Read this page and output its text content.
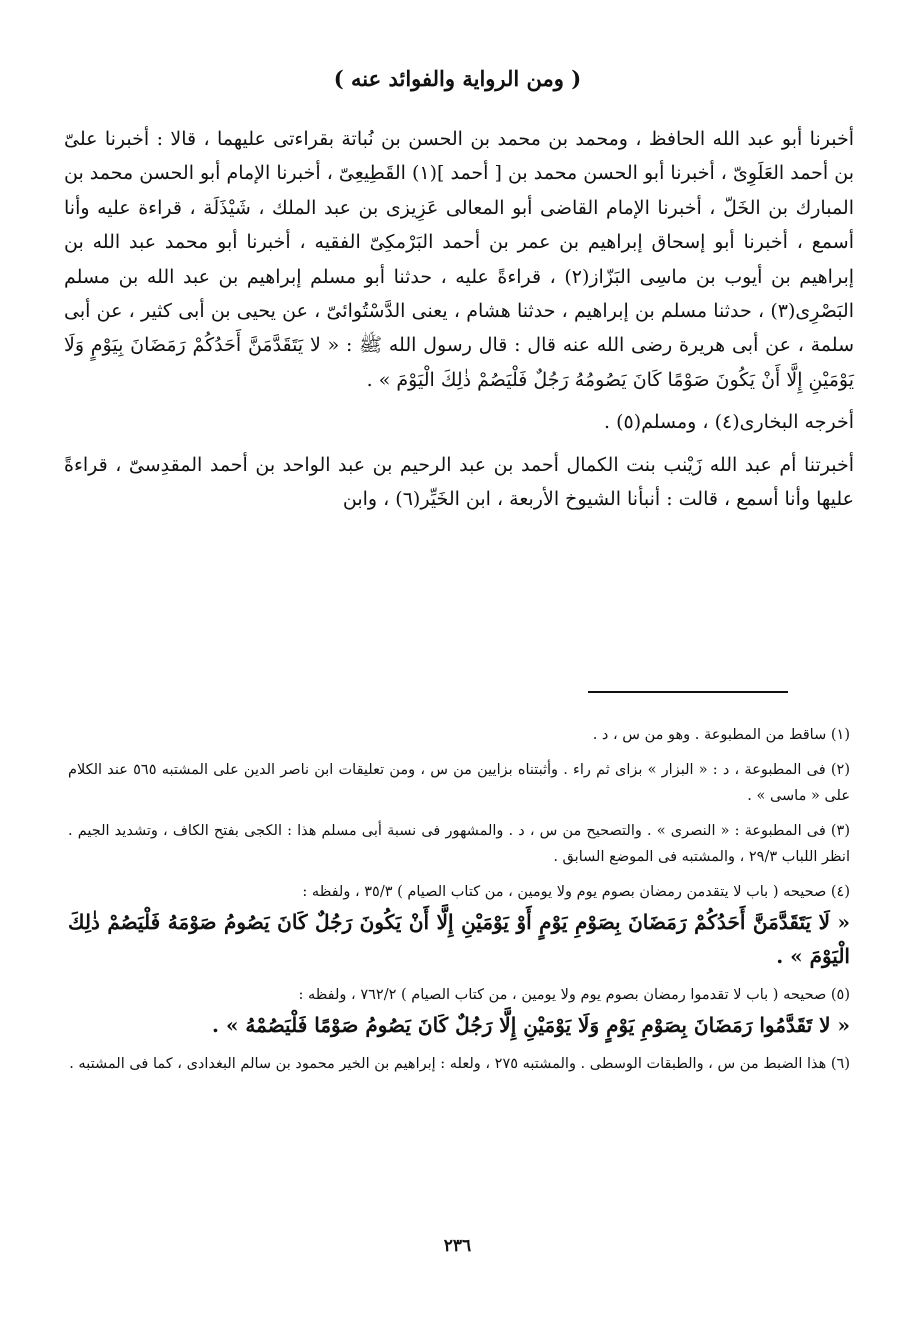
( ومن الرواية والفوائد عنه )

أخبرنا أبو عبد الله الحافظ ، ومحمد بن محمد بن الحسن بن نُباتة بقراءتى عليهما ، قالا : أخبرنا علىّ بن أحمد العَلَوِىّ ، أخبرنا أبو الحسن محمد بن [ أحمد ](١) القَطِيعِىّ ، أخبرنا الإمام أبو الحسن محمد بن المبارك بن الخَلّ ، أخبرنا الإمام القاضى أبو المعالى عَزِيزى بن عبد الملك ، شَيْذَلَة ، قراءة عليه وأنا أسمع ، أخبرنا أبو إسحاق إبراهيم بن عمر بن أحمد البَرْمكِىّ الفقيه ، أخبرنا أبو محمد عبد الله بن إبراهيم بن أيوب بن ماسِى البَزّاز(٢) ، قراءةً عليه ، حدثنا أبو مسلم إبراهيم بن عبد الله بن مسلم البَصْرِى(٣) ، حدثنا مسلم بن إبراهيم ، حدثنا هشام ، يعنى الدَّسْتُوائىّ ، عن يحيى بن أبى كثير ، عن أبى سلمة ، عن أبى هريرة رضى الله عنه قال : قال رسول الله ﷺ : « لا يَتَقَدَّمَنَّ أَحَدُكُمْ رَمَضَانَ بِيَوْمٍ وَلَا يَوْمَيْنِ إِلَّا أَنْ يَكُونَ صَوْمًا كَانَ يَصُومُهُ رَجُلٌ فَلْيَصُمْ ذٰلِكَ الْيَوْمَ » .

أخرجه البخارى(٤) ، ومسلم(٥) .

أخبرتنا أم عبد الله زَيْنب بنت الكمال أحمد بن عبد الرحيم بن عبد الواحد بن أحمد المقدِسىّ ، قراءةً عليها وأنا أسمع ، قالت : أنبأنا الشيوخ الأربعة ، ابن الخَيِّر(٦) ، وابن

(١) ساقط من المطبوعة . وهو من س ، د .

(٢) فى المطبوعة ، د : « البزار » بزاى ثم راء . وأثبتناه بزايين من س ، ومن تعليقات ابن ناصر الدين على المشتبه ٥٦٥ عند الكلام على « ماسى » .

(٣) فى المطبوعة : « النصرى » . والتصحيح من س ، د . والمشهور فى نسبة أبى مسلم هذا : الكجى بفتح الكاف ، وتشديد الجيم . انظر اللباب ٢٩/٣ ، والمشتبه فى الموضع السابق .

(٤) صحيحه ( باب لا يتقدمن رمضان بصوم يوم ولا يومين ، من كتاب الصيام ) ٣٥/٣ ، ولفظه :
« لَا يَتَقَدَّمَنَّ أَحَدُكُمْ رَمَضَانَ بِصَوْمِ يَوْمٍ أَوْ يَوْمَيْنِ إِلَّا أَنْ يَكُونَ رَجُلٌ كَانَ يَصُومُ صَوْمَهُ فَلْيَصُمْ ذٰلِكَ الْيَوْمَ » .

(٥) صحيحه ( باب لا تقدموا رمضان بصوم يوم ولا يومين ، من كتاب الصيام ) ٧٦٢/٢ ، ولفظه :
« لا تَقَدَّمُوا رَمَضَانَ بِصَوْمِ يَوْمٍ وَلَا يَوْمَيْنِ إِلَّا رَجُلٌ كَانَ يَصُومُ صَوْمًا فَلْيَصُمْهُ » .

(٦) هذا الضبط من س ، والطبقات الوسطى . والمشتبه ٢٧٥ ، ولعله : إبراهيم بن الخير محمود بن سالم البغدادى ، كما فى المشتبه .

٢٣٦
